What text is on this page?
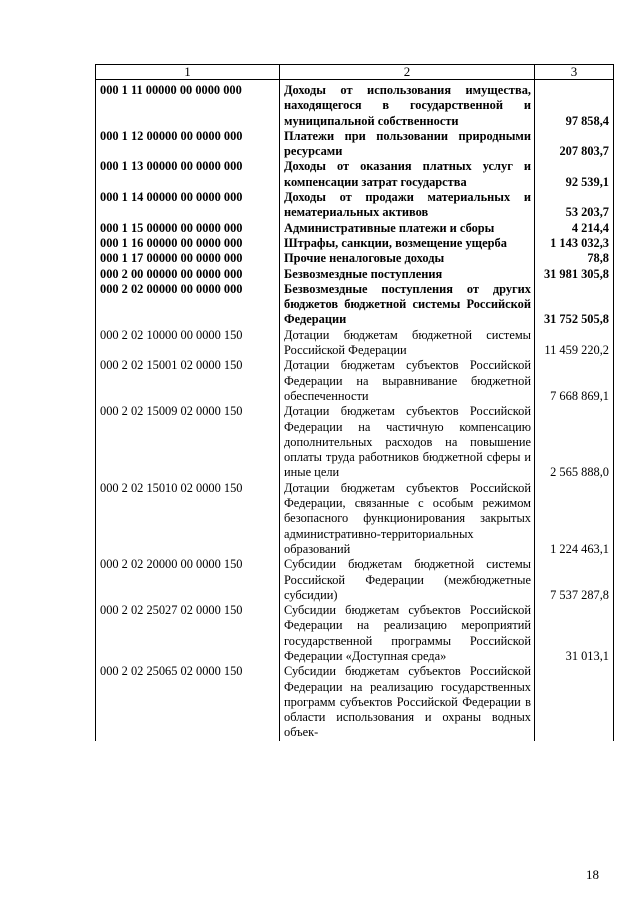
1	2	3
000 1 11 00000 00 0000 000	Доходы от использования имущества, находящегося в государственной и муниципальной собственности	97 858,4
000 1 12 00000 00 0000 000	Платежи при пользовании природными ресурсами	207 803,7
000 1 13 00000 00 0000 000	Доходы от оказания платных услуг и компенсации затрат государства	92 539,1
000 1 14 00000 00 0000 000	Доходы от продажи материальных и нематериальных активов	53 203,7
000 1 15 00000 00 0000 000	Административные платежи и сборы	4 214,4
000 1 16 00000 00 0000 000	Штрафы, санкции, возмещение ущерба	1 143 032,3
000 1 17 00000 00 0000 000	Прочие неналоговые доходы	78,8
000 2 00 00000 00 0000 000	Безвозмездные поступления	31 981 305,8
000 2 02 00000 00 0000 000	Безвозмездные поступления от других бюджетов бюджетной системы Российской Федерации	31 752 505,8
000 2 02 10000 00 0000 150	Дотации бюджетам бюджетной системы Российской Федерации	11 459 220,2
000 2 02 15001 02 0000 150	Дотации бюджетам субъектов Российской Федерации на выравнивание бюджетной обеспеченности	7 668 869,1
000 2 02 15009 02 0000 150	Дотации бюджетам субъектов Российской Федерации на частичную компенсацию дополнительных расходов на повышение оплаты труда работников бюджетной сферы и иные цели	2 565 888,0
000 2 02 15010 02 0000 150	Дотации бюджетам субъектов Российской Федерации, связанные с особым режимом безопасного функционирования закрытых административно-территориальных образований	1 224 463,1
000 2 02 20000 00 0000 150	Субсидии бюджетам бюджетной системы Российской Федерации (межбюджетные субсидии)	7 537 287,8
000 2 02 25027 02 0000 150	Субсидии бюджетам субъектов Российской Федерации на реализацию мероприятий государственной программы Российской Федерации «Доступная среда»	31 013,1
000 2 02 25065 02 0000 150	Субсидии бюджетам субъектов Российской Федерации на реализацию государственных программ субъектов Российской Федерации в области использования и охраны водных объек-	
18
